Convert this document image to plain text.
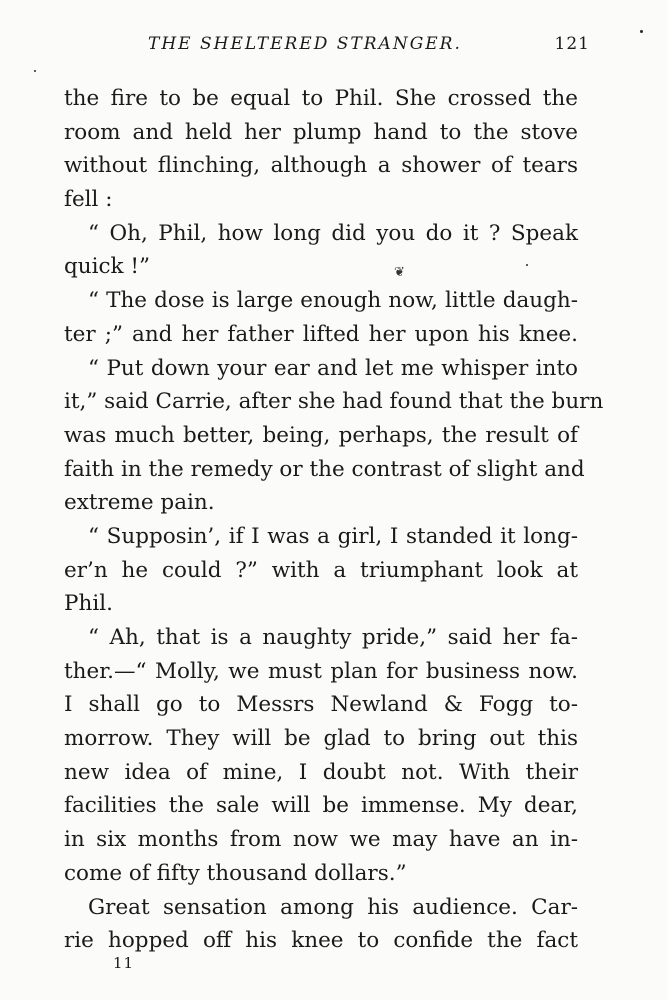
THE SHELTERED STRANGER.	121
❦
the fire to be equal to Phil. She crossed the
room and held her plump hand to the stove
without flinching, although a shower of tears
fell :
“ Oh, Phil, how long did you do it ? Speak
quick !”
“ The dose is large enough now, little daugh-
ter ;” and her father lifted her upon his knee.
“ Put down your ear and let me whisper into
it,” said Carrie, after she had found that the burn
was much better, being, perhaps, the result of
faith in the remedy or the contrast of slight and
extreme pain.
“ Supposin’, if I was a girl, I standed it long-
er’n he could ?” with a triumphant look at
Phil.
“ Ah, that is a naughty pride,” said her fa-
ther.—“ Molly, we must plan for business now.
I shall go to Messrs Newland & Fogg to-
morrow. They will be glad to bring out this
new idea of mine, I doubt not. With their
facilities the sale will be immense. My dear,
in six months from now we may have an in-
come of fifty thousand dollars.”
Great sensation among his audience. Car-
rie hopped off his knee to confide the fact
11
